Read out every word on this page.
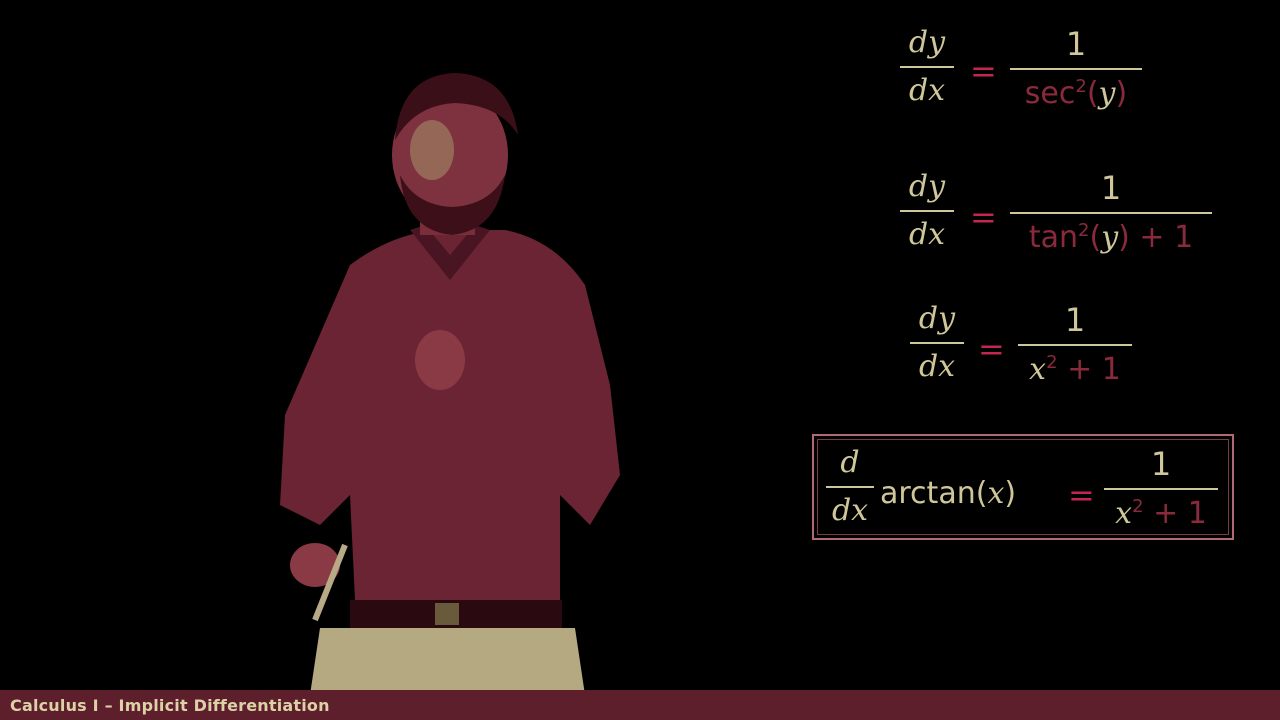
dy
dx
=
1
$\sec^2(y)$
dy
dx =
1
$\tan^2(y) + 1$
dy
dx =
1
$x^2 + 1$
d
dx arctan(x) =
1
$x^2 + 1$
Calculus I – Implicit Differentiation
